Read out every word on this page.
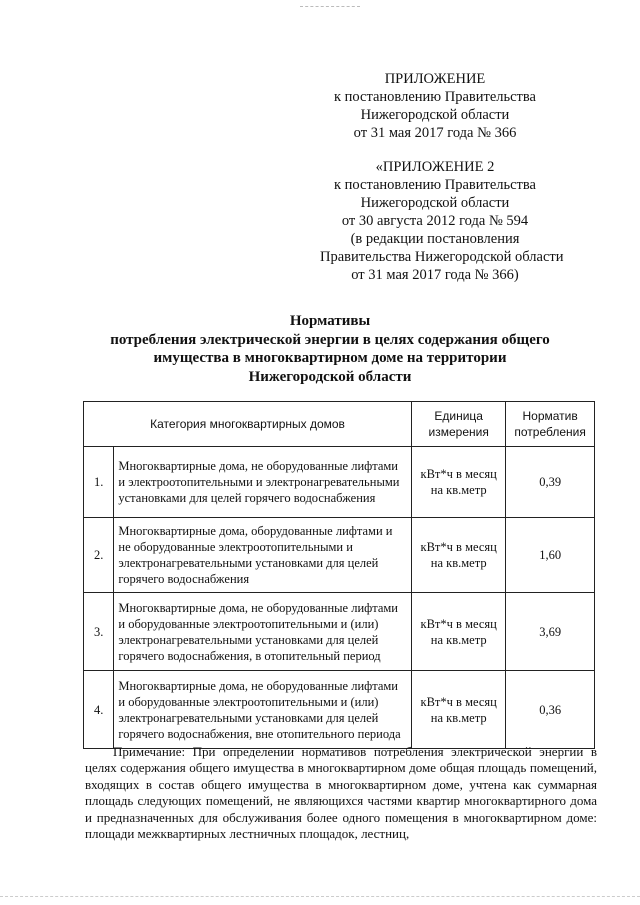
ПРИЛОЖЕНИЕ
к постановлению Правительства
Нижегородской области
от 31 мая 2017 года № 366
«ПРИЛОЖЕНИЕ 2
к постановлению Правительства
Нижегородской области
от 30 августа 2012 года № 594
(в редакции постановления
Правительства Нижегородской области
от 31 мая 2017 года № 366)
Нормативы
потребления электрической энергии в целях содержания общего
имущества в многоквартирном доме на территории
Нижегородской области
Категория многоквартирных домов		Единица измерения	Норматив потребления
1.	Многоквартирные дома, не оборудованные лифтами и электроотопительными и электронагревательными установками для целей горячего водоснабжения	кВт*ч в месяц на кв.метр	0,39
2.	Многоквартирные дома, оборудованные лифтами и не оборудованные электроотопительными и электронагревательными установками для целей горячего водоснабжения	кВт*ч в месяц на кв.метр	1,60
3.	Многоквартирные дома, не оборудованные лифтами и оборудованные электроотопительными и (или) электронагревательными установками для целей горячего водоснабжения, в отопительный период	кВт*ч в месяц на кв.метр	3,69
4.	Многоквартирные дома, не оборудованные лифтами и оборудованные электроотопительными и (или) электронагревательными установками для целей горячего водоснабжения, вне отопительного периода	кВт*ч в месяц на кв.метр	0,36

Примечание: При определении нормативов потребления электрической энергии в целях содержания общего имущества в многоквартирном доме общая площадь помещений, входящих в состав общего имущества в многоквартирном доме, учтена как суммарная площадь следующих помещений, не являющихся частями квартир многоквартирного дома и предназначенных для обслуживания более одного помещения в многоквартирном доме: площади межквартирных лестничных площадок, лестниц,
